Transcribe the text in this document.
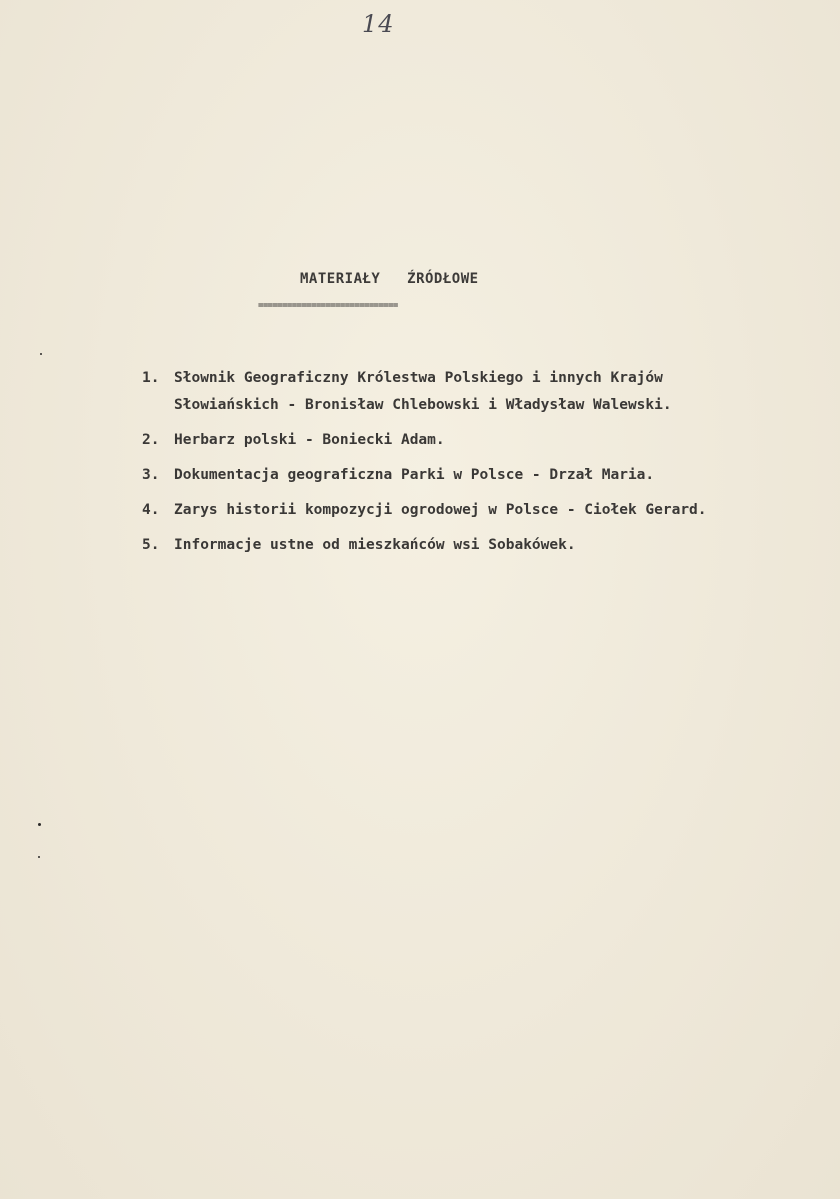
14
MATERIAŁY   ŹRÓDŁOWE
=============================
1.	Słownik Geograficzny Królestwa Polskiego i innych Krajów
Słowiańskich - Bronisław Chlebowski i Władysław Walewski.
2.	Herbarz polski - Boniecki Adam.
3.	Dokumentacja geograficzna Parki w Polsce - Drzał Maria.
4.	Zarys historii kompozycji ogrodowej w Polsce - Ciołek Gerard.
5.	Informacje ustne od mieszkańców wsi Sobakówek.
